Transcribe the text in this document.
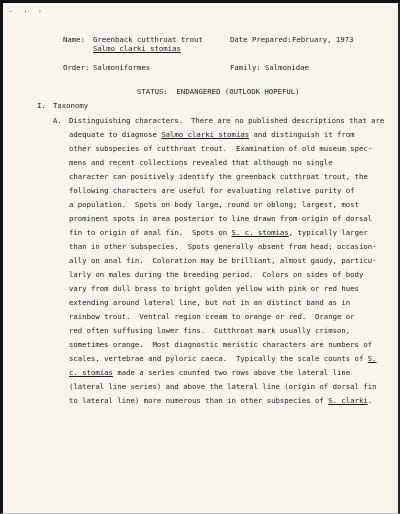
· · ·
Name: Greenback cutthroat trout
Salmo clarki stomias
Date Prepared: February, 1973
Order: Salmoniformes	Family: Salmonidae
STATUS:  ENDANGERED (OUTLOOK HOPEFUL)
I. Taxonomy
A. Distinguishing characters. There are no published descriptions that are
adequate to diagnose Salmo clarki stomias and distinguish it from
other subspecies of cutthroat trout.  Examination of old museum spec-
mens and recent collections revealed that although no single
character can positively identify the greenback cutthroat trout, the
following characters are useful for evaluating relative purity of
a population.  Spots on body large, round or oblong; largest, most
prominent spots in area posterior to line drawn from origin of dorsal
fin to origin of anal fin.  Spots on S. c. stomias, typically larger
than in other subspecies.  Spots generally absent from head; occasion-
ally on anal fin.  Coloration may be brilliant, almost gaudy, particu-
larly on males during the breeding period.  Colors on sides of body
vary from dull brass to bright golden yellow with pink or red hues
extending around lateral line, but not in an distinct band as in
rainbow trout.  Ventral region cream to orange or red.  Orange or
red often suffusing lower fins.  Cutthroat mark usually crimson,
sometimes orange.  Most diagnostic meristic characters are numbers of
scales, vertebrae and pyloric caeca.  Typically the scale counts of S.
c. stomias made a series counted two rows above the lateral line
(lateral line series) and above the lateral line (origin of dorsal fin
to lateral line) more numerous than in other subspecies of S. clarki.
